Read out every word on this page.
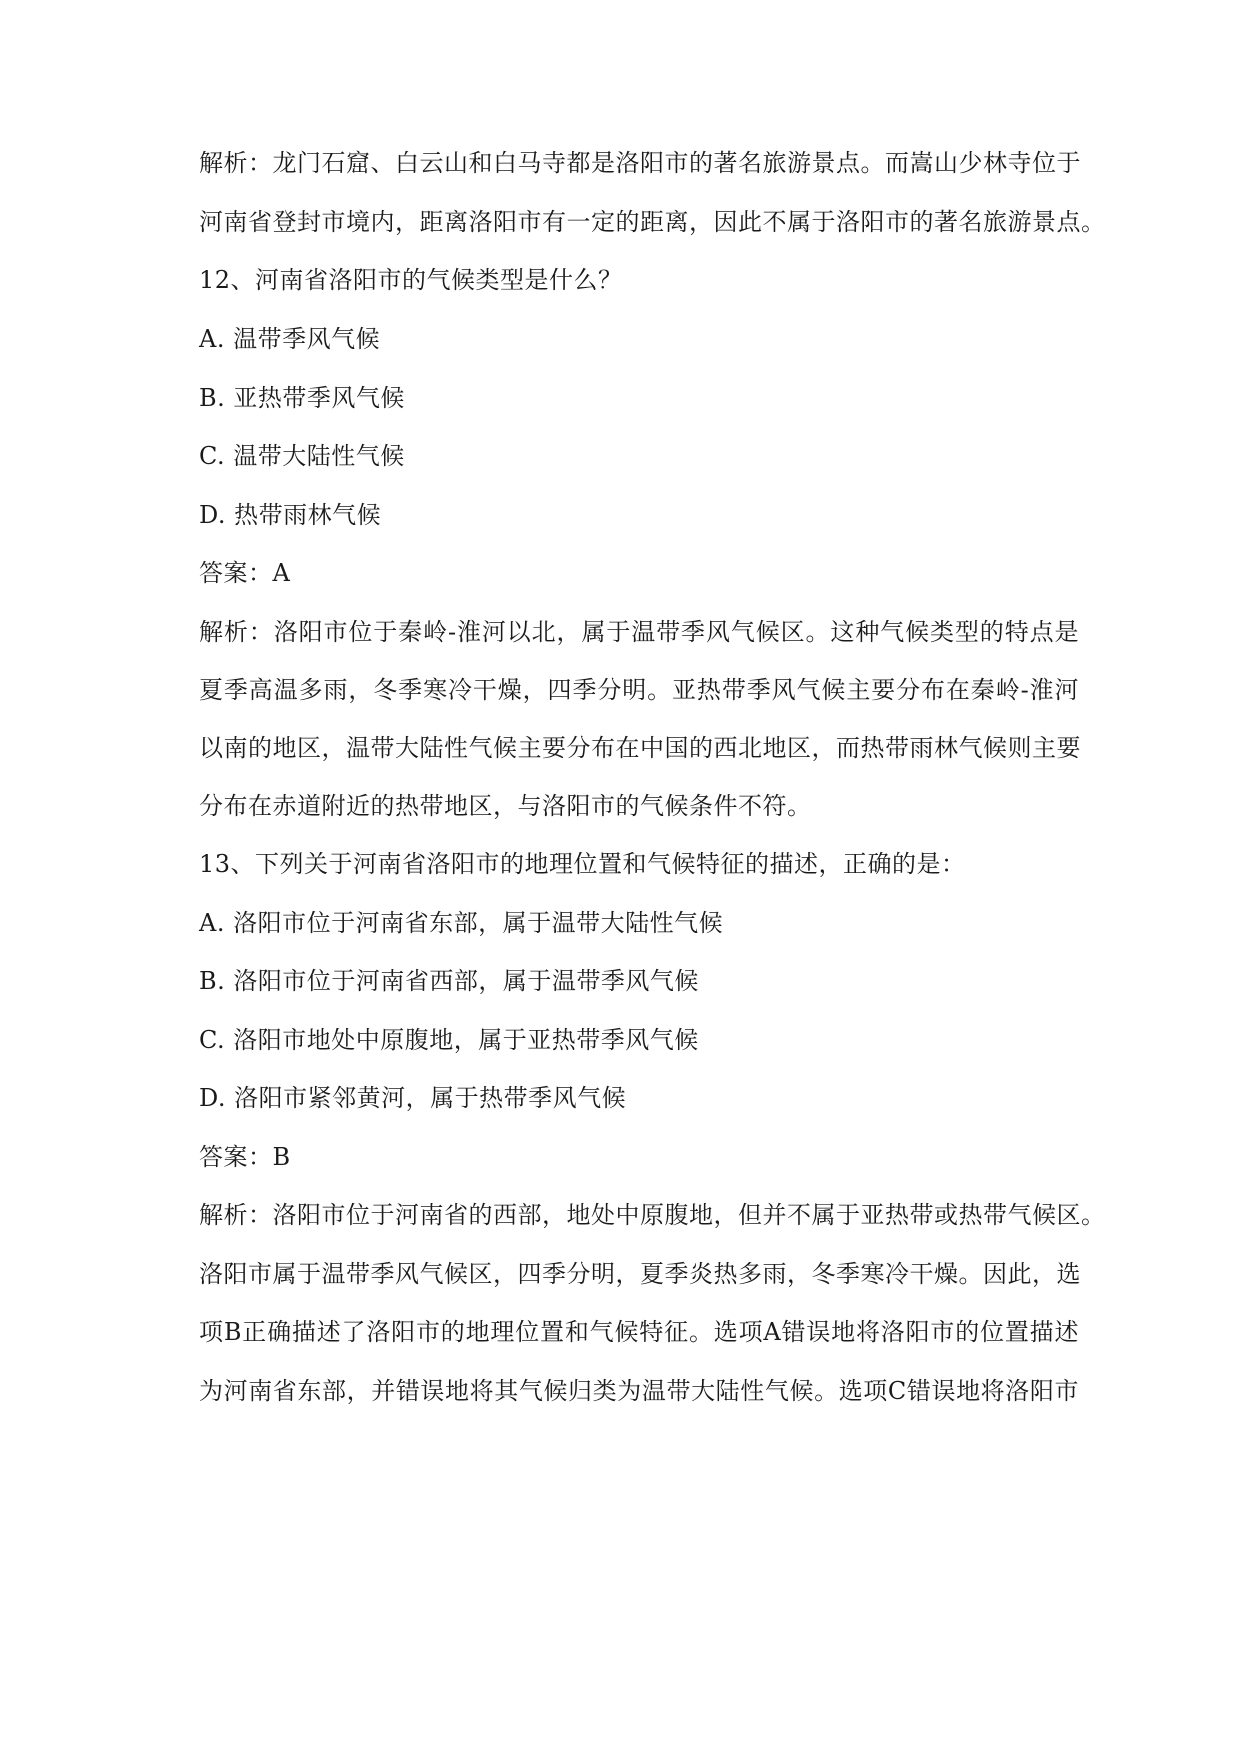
解析：龙门石窟、白云山和白马寺都是洛阳市的著名旅游景点。而嵩山少林寺位于
河南省登封市境内，距离洛阳市有一定的距离，因此不属于洛阳市的著名旅游景点。
12、河南省洛阳市的气候类型是什么？
A. 温带季风气候
B. 亚热带季风气候
C. 温带大陆性气候
D. 热带雨林气候
答案：A
解析：洛阳市位于秦岭-淮河以北，属于温带季风气候区。这种气候类型的特点是
夏季高温多雨，冬季寒冷干燥，四季分明。亚热带季风气候主要分布在秦岭-淮河
以南的地区，温带大陆性气候主要分布在中国的西北地区，而热带雨林气候则主要
分布在赤道附近的热带地区，与洛阳市的气候条件不符。
13、下列关于河南省洛阳市的地理位置和气候特征的描述，正确的是：
A. 洛阳市位于河南省东部，属于温带大陆性气候
B. 洛阳市位于河南省西部，属于温带季风气候
C. 洛阳市地处中原腹地，属于亚热带季风气候
D. 洛阳市紧邻黄河，属于热带季风气候
答案：B
解析：洛阳市位于河南省的西部，地处中原腹地，但并不属于亚热带或热带气候区。
洛阳市属于温带季风气候区，四季分明，夏季炎热多雨，冬季寒冷干燥。因此，选
项B正确描述了洛阳市的地理位置和气候特征。选项A错误地将洛阳市的位置描述
为河南省东部，并错误地将其气候归类为温带大陆性气候。选项C错误地将洛阳市
